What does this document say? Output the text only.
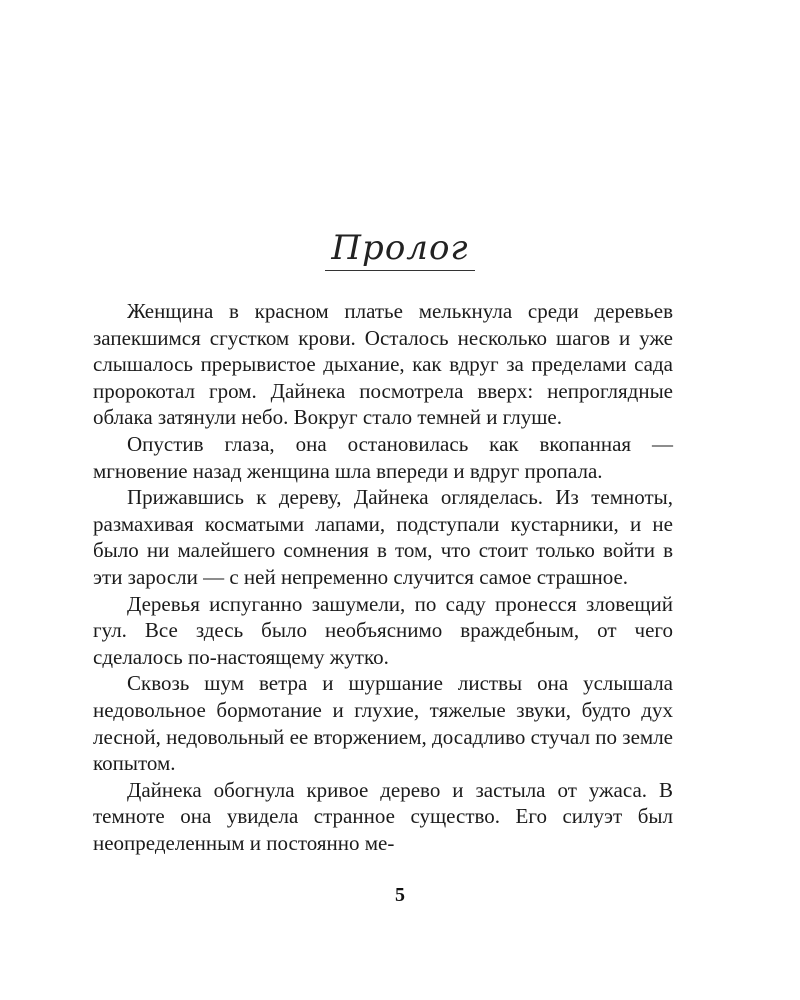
Пролог

Женщина в красном платье мелькнула среди деревьев запекшимся сгустком крови. Осталось несколько шагов и уже слышалось прерывистое дыхание, как вдруг за пределами сада пророкотал гром. Дайнека посмотрела вверх: непроглядные облака затянули небо. Вокруг стало темней и глуше.

Опустив глаза, она остановилась как вкопанная — мгновение назад женщина шла впереди и вдруг пропала.

Прижавшись к дереву, Дайнека огляделась. Из темноты, размахивая косматыми лапами, подступали кустарники, и не было ни малейшего сомнения в том, что стоит только войти в эти заросли — с ней непременно случится самое страшное.

Деревья испуганно зашумели, по саду пронесся зловещий гул. Все здесь было необъяснимо враждебным, от чего сделалось по-настоящему жутко.

Сквозь шум ветра и шуршание листвы она услышала недовольное бормотание и глухие, тяжелые звуки, будто дух лесной, недовольный ее вторжением, досадливо стучал по земле копытом.

Дайнека обогнула кривое дерево и застыла от ужаса. В темноте она увидела странное существо. Его силуэт был неопределенным и постоянно ме-

5
